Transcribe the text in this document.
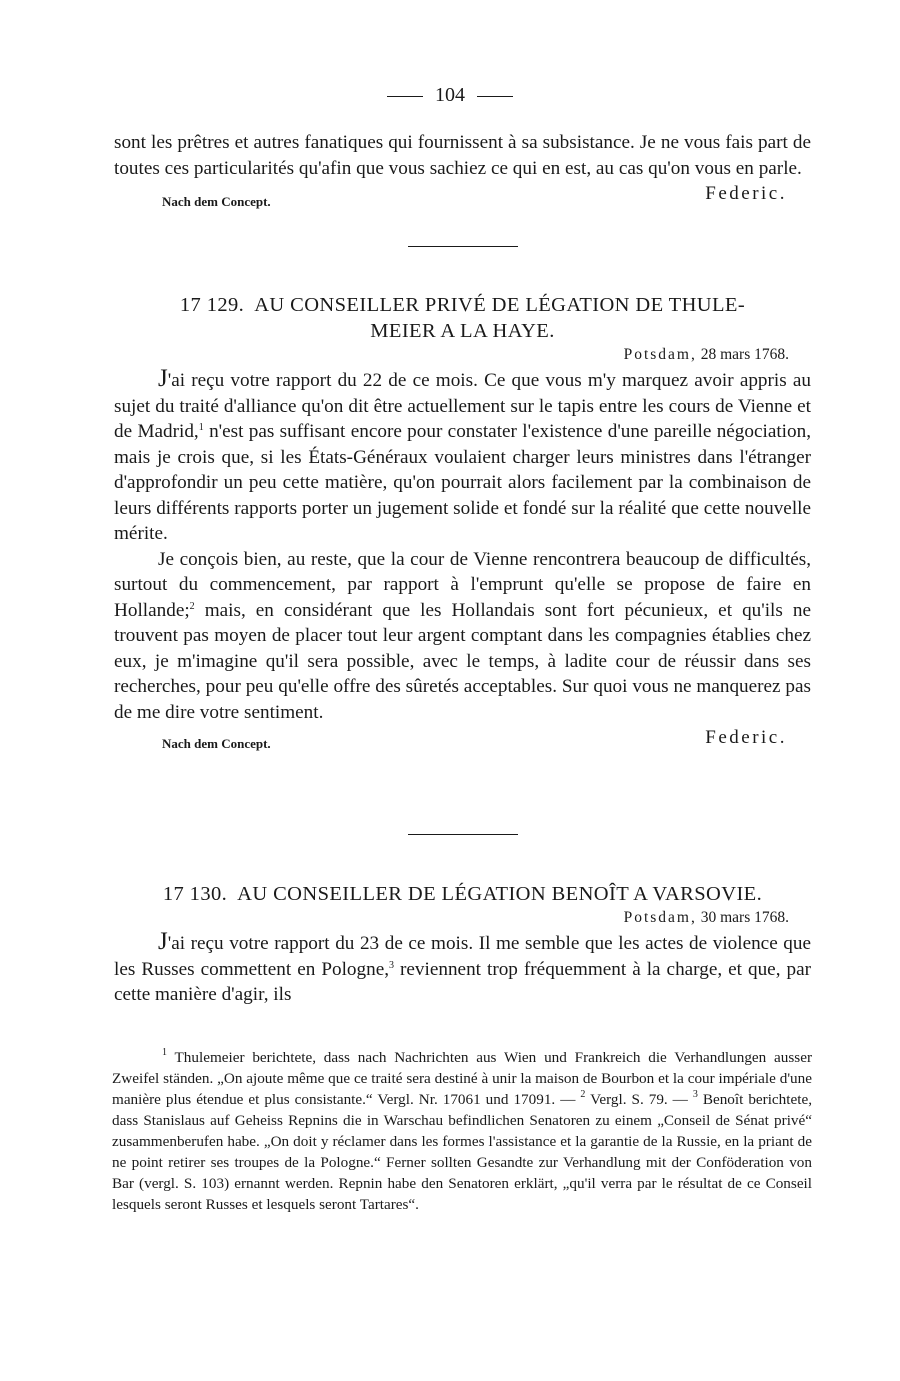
104

sont les prêtres et autres fanatiques qui fournissent à sa subsistance. Je ne vous fais part de toutes ces particularités qu'afin que vous sachiez ce qui en est, au cas qu'on vous en parle.

Nach dem Concept.	Federic.
17 129. AU CONSEILLER PRIVÉ DE LÉGATION DE THULE-
MEIER A LA HAYE.
Potsdam, 28 mars 1768.

J'ai reçu votre rapport du 22 de ce mois. Ce que vous m'y marquez avoir appris au sujet du traité d'alliance qu'on dit être actuellement sur le tapis entre les cours de Vienne et de Madrid,$^1$ n'est pas suffisant encore pour constater l'existence d'une pareille négociation, mais je crois que, si les États-Généraux voulaient charger leurs ministres dans l'étranger d'approfondir un peu cette matière, qu'on pourrait alors facilement par la combinaison de leurs différents rapports porter un jugement solide et fondé sur la réalité que cette nouvelle mérite.

Je conçois bien, au reste, que la cour de Vienne rencontrera beaucoup de difficultés, surtout du commencement, par rapport à l'emprunt qu'elle se propose de faire en Hollande;$^2$ mais, en considérant que les Hollandais sont fort pécunieux, et qu'ils ne trouvent pas moyen de placer tout leur argent comptant dans les compagnies établies chez eux, je m'imagine qu'il sera possible, avec le temps, à ladite cour de réussir dans ses recherches, pour peu qu'elle offre des sûretés acceptables. Sur quoi vous ne manquerez pas de me dire votre sentiment.

Nach dem Concept.	Federic.
17 130. AU CONSEILLER DE LÉGATION BENOÎT A VARSOVIE.
Potsdam, 30 mars 1768.

J'ai reçu votre rapport du 23 de ce mois. Il me semble que les actes de violence que les Russes commettent en Pologne,$^3$ reviennent trop fréquemment à la charge, et que, par cette manière d'agir, ils

$^1$ Thulemeier berichtete, dass nach Nachrichten aus Wien und Frankreich die Verhandlungen ausser Zweifel ständen. „On ajoute même que ce traité sera destiné à unir la maison de Bourbon et la cour impériale d'une manière plus étendue et plus consistante.“ Vergl. Nr. 17061 und 17091. — $^2$ Vergl. S. 79. — $^3$ Benoît berichtete, dass Stanislaus auf Geheiss Repnins die in Warschau befindlichen Senatoren zu einem „Conseil de Sénat privé“ zusammenberufen habe. „On doit y réclamer dans les formes l'assistance et la garantie de la Russie, en la priant de ne point retirer ses troupes de la Pologne.“ Ferner sollten Gesandte zur Verhandlung mit der Conföderation von Bar (vergl. S. 103) ernannt werden. Repnin habe den Senatoren erklärt, „qu'il verra par le résultat de ce Conseil lesquels seront Russes et lesquels seront Tartares“.
